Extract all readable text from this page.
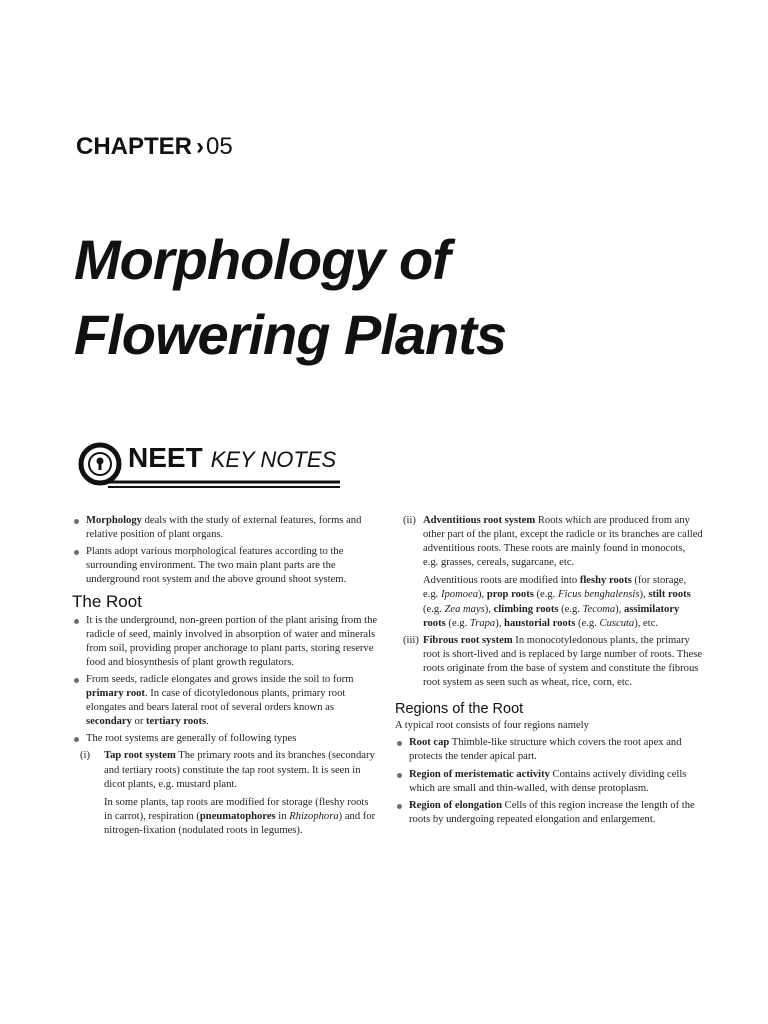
CHAPTER ›05
Morphology of
Flowering Plants
NEET KEY NOTES
Morphology deals with the study of external features, forms and relative position of plant organs.
Plants adopt various morphological features according to the surrounding environment. The two main plant parts are the underground root system and the above ground shoot system.
The Root
It is the underground, non-green portion of the plant arising from the radicle of seed, mainly involved in absorption of water and minerals from soil, providing proper anchorage to plant parts, storing reserve food and biosynthesis of plant growth regulators.
From seeds, radicle elongates and grows inside the soil to form primary root. In case of dicotyledonous plants, primary root elongates and bears lateral root of several orders known as secondary or tertiary roots.
The root systems are generally of following types
(i) Tap root system The primary roots and its branches (secondary and tertiary roots) constitute the tap root system. It is seen in dicot plants, e.g. mustard plant.

In some plants, tap roots are modified for storage (fleshy roots in carrot), respiration (pneumatophores in Rhizophora) and for nitrogen-fixation (nodulated roots in legumes).

(ii) Adventitious root system Roots which are produced from any other part of the plant, except the radicle or its branches are called adventitious roots. These roots are mainly found in monocots, e.g. grasses, cereals, sugarcane, etc.

Adventitious roots are modified into fleshy roots (for storage, e.g. Ipomoea), prop roots (e.g. Ficus benghalensis), stilt roots (e.g. Zea mays), climbing roots (e.g. Tecoma), assimilatory roots (e.g. Trapa), haustorial roots (e.g. Cuscuta), etc.

(iii) Fibrous root system In monocotyledonous plants, the primary root is short-lived and is replaced by large number of roots. These roots originate from the base of system and constitute the fibrous root system as seen such as wheat, rice, corn, etc.

Regions of the Root

A typical root consists of four regions namely

Root cap Thimble-like structure which covers the root apex and protects the tender apical part.
Region of meristematic activity Contains actively dividing cells which are small and thin-walled, with dense protoplasm.
Region of elongation Cells of this region increase the length of the roots by undergoing repeated elongation and enlargement.
